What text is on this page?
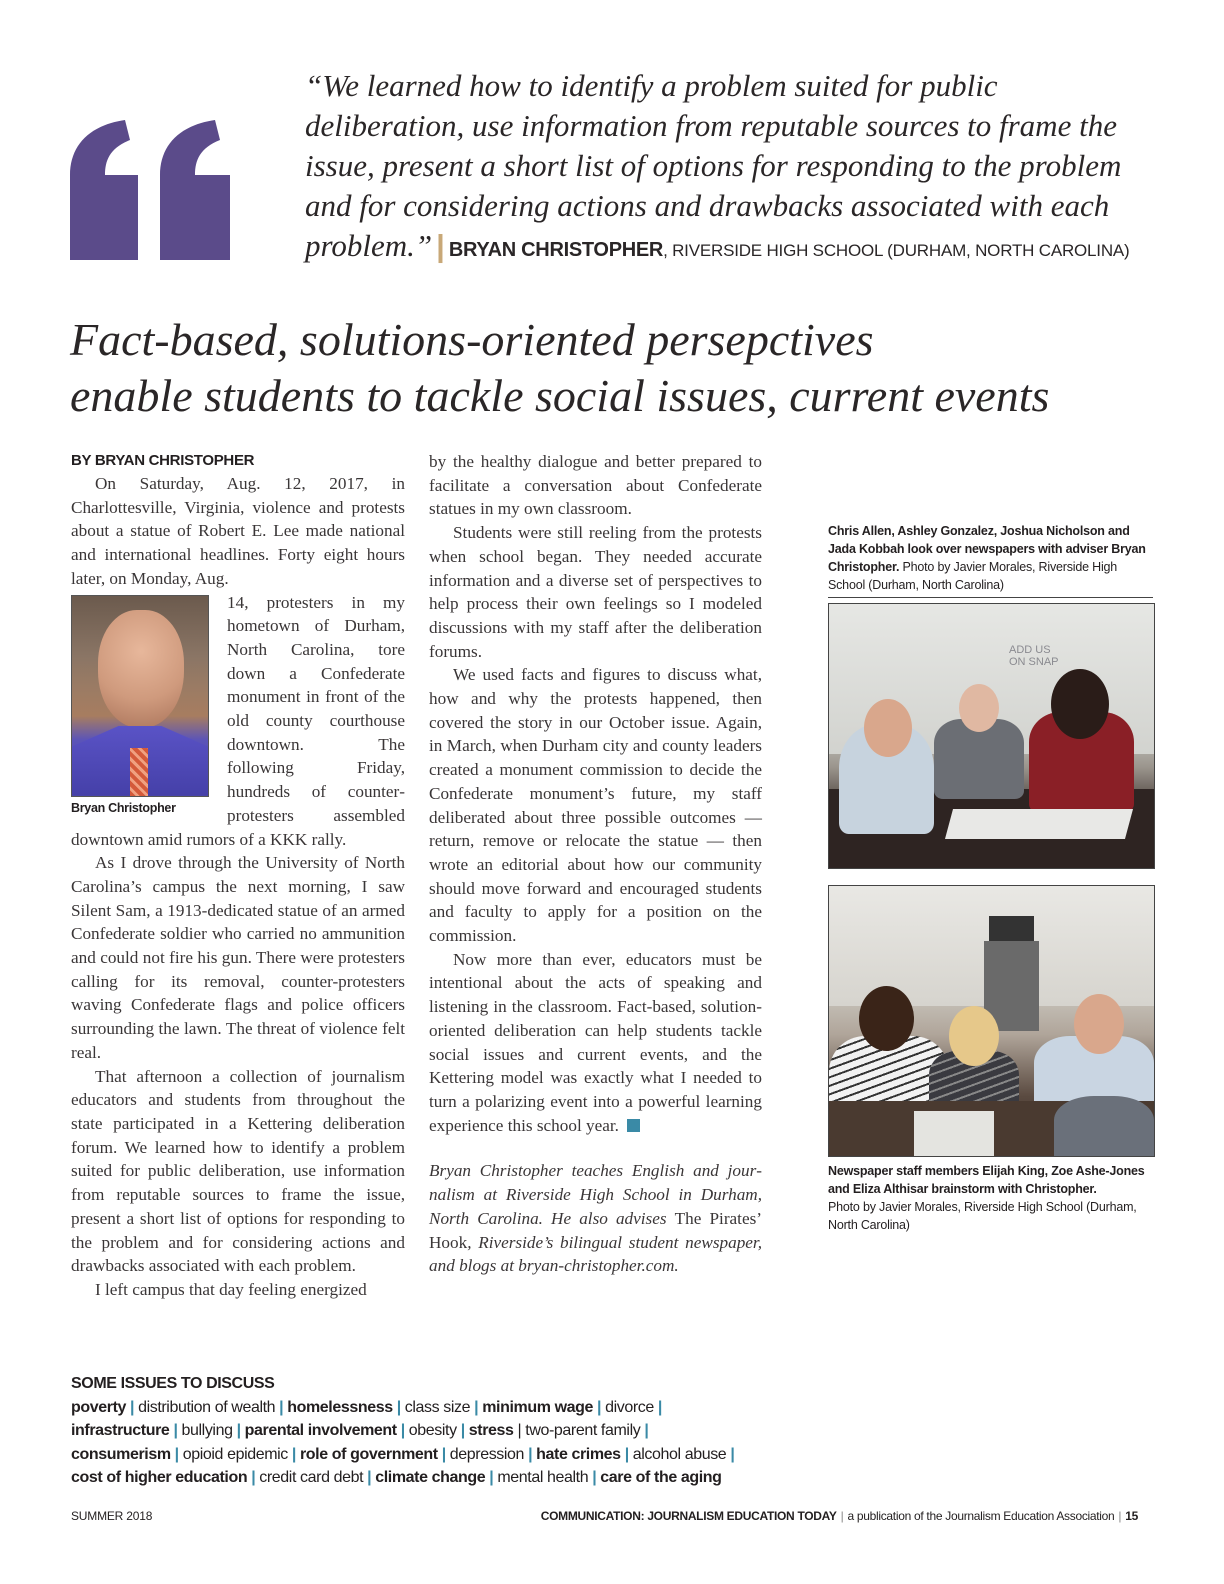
“We learned how to identify a problem suited for public
deliberation, use information from reputable sources to frame the
issue, present a short list of options for responding to the problem
and for considering actions and drawbacks associated with each
problem.” | BRYAN CHRISTOPHER, RIVERSIDE HIGH SCHOOL (DURHAM, NORTH CAROLINA)
Fact-based, solutions-oriented persepctives
enable students to tackle social issues, current events
BY BRYAN CHRISTOPHER

On Saturday, Aug. 12, 2017, in Charlottesville, Virginia, violence and protests about a statue of Robert E. Lee made national and international headlines. Forty eight hours later, on Monday, Aug.

Bryan Christopher

14, protesters in my hometown of Durham, North Carolina, tore down a Confederate monument in front of the old county courthouse downtown. The following Friday, hundreds of counterprotesters assembled downtown amid rumors of a KKK rally.

As I drove through the University of North Carolina’s campus the next morning, I saw Silent Sam, a 1913-dedicated statue of an armed Confederate soldier who carried no ammunition and could not fire his gun. There were protesters calling for its removal, counter-protesters waving Confederate flags and police officers surrounding the lawn. The threat of violence felt real.

That afternoon a collection of journalism educators and students from throughout the state participated in a Kettering deliberation forum. We learned how to identify a problem suited for public deliberation, use information from reputable sources to frame the issue, present a short list of options for responding to the problem and for considering actions and drawbacks associated with each problem.

I left campus that day feeling energized

by the healthy dialogue and better prepared to facilitate a conversation about Confederate statues in my own classroom.

Students were still reeling from the protests when school began. They needed accurate information and a diverse set of perspectives to help process their own feelings so I modeled discussions with my staff after the deliberation forums.

We used facts and figures to discuss what, how and why the protests happened, then covered the story in our October issue. Again, in March, when Durham city and county leaders created a monument commission to decide the Confederate monument’s future, my staff deliberated about three possible outcomes — return, remove or relocate the statue — then wrote an editorial about how our community should move forward and encouraged students and faculty to apply for a position on the commission.

Now more than ever, educators must be intentional about the acts of speaking and listening in the classroom. Fact-based, solution-oriented deliberation can help students tackle social issues and current events, and the Kettering model was exactly what I needed to turn a polarizing event into a powerful learning experience this school year.

Bryan Christopher teaches English and journalism at Riverside High School in Durham, North Carolina. He also advises The Pirates’ Hook, Riverside’s bilingual student newspaper, and blogs at bryan-christopher.com.

Chris Allen, Ashley Gonzalez, Joshua Nicholson and Jada Kobbah look over newspapers with adviser Bryan Christopher. Photo by Javier Morales, Riverside High School (Durham, North Carolina)
ADD US ON SNAP
Newspaper staff members Elijah King, Zoe Ashe-Jones and Eliza Althisar brainstorm with Christopher.
Photo by Javier Morales, Riverside High School (Durham, North Carolina)
SOME ISSUES TO DISCUSS
poverty | distribution of wealth | homelessness | class size | minimum wage | divorce |
infrastructure | bullying | parental involvement | obesity | stress | two-parent family |
consumerism | opioid epidemic | role of government | depression | hate crimes | alcohol abuse |
cost of higher education | credit card debt | climate change | mental health | care of the aging
SUMMER 2018	COMMUNICATION: JOURNALISM EDUCATION TODAY | a publication of the Journalism Education Association | 15
